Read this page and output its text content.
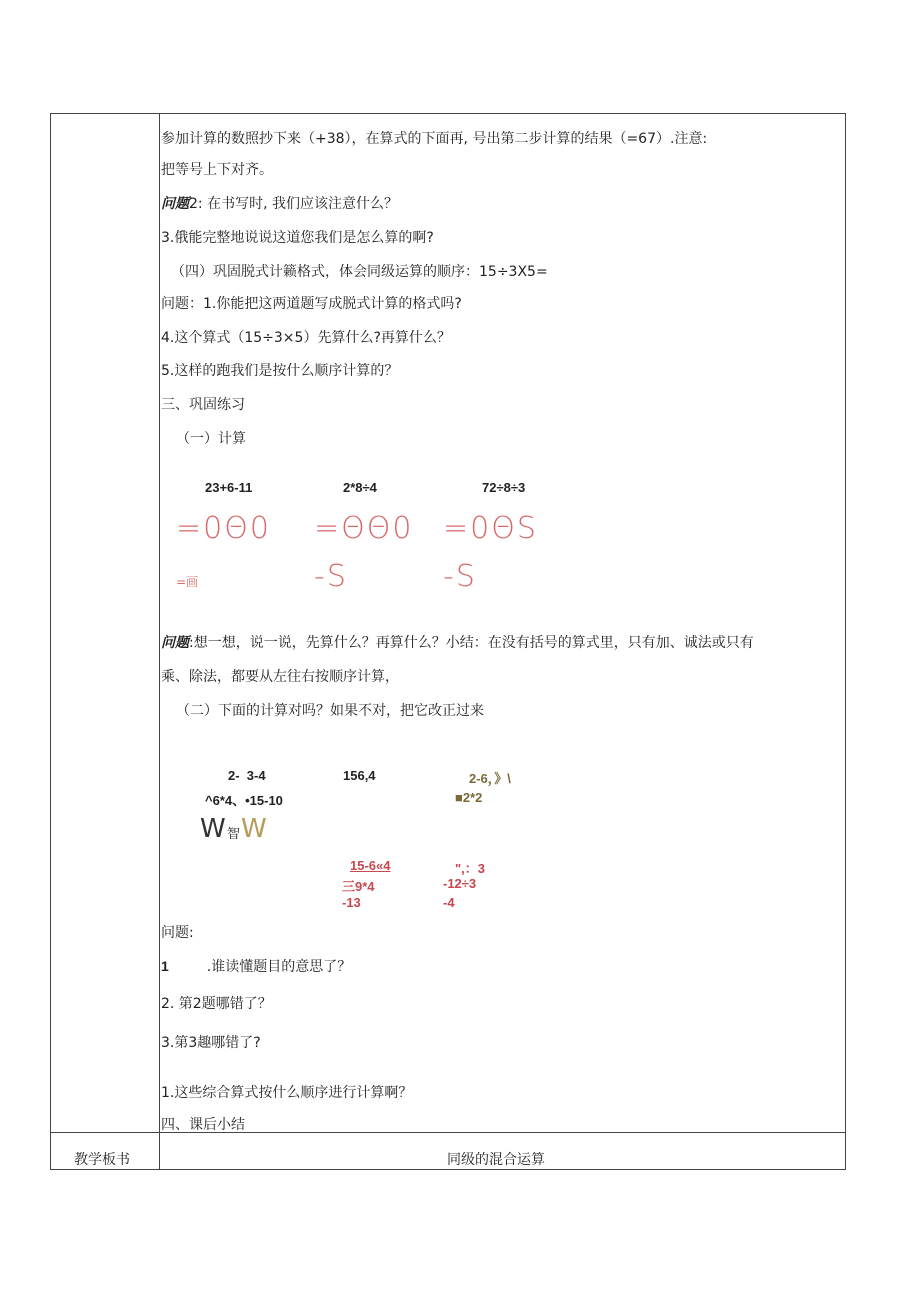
参加计算的数照抄下来（+38），在算式的下面再, 号出第二步计算的结果（=67）.注意:
把等号上下对齐。
问题2: 在书写时, 我们应该注意什么？
3.俄能完整地说说这道您我们是怎么算的啊?
（四）巩固脱式计籁格式，体会同级运算的顺序：15÷3X5=
问题：1.你能把这两道题写成脱式计算的格式吗?
4.这个算式（15÷3×5）先算什么?再算什么？
5.这样的跑我们是按什么顺序计算的？
三、巩固练习
（一）计算
23+6-11	2*8÷4	72÷8÷3
=0Θ0 =ΘΘ0 =0ΘS
-S	-S
=画
问题:想一想，说一说，先算什么？再算什么？小结：在没有括号的算式里，只有加、诚法或只有
乘、除法，都要从左往右按顺序计算，
（二）下面的计算对吗？如果不对，把它改正过来
2-  3-4
^6*4、•15-10
156,4	2-6，》\
■2*2
W 智 W
15-6«4
三9*4
-13
",：3
-12÷3
-4
问题:
1	.谁读懂题目的意思了？
2. 第2题哪错了？
3.第3趣哪错了?
1.这些综合算式按什么顺序进行计算啊？
四、课后小结
教学板书	同级的混合运算
